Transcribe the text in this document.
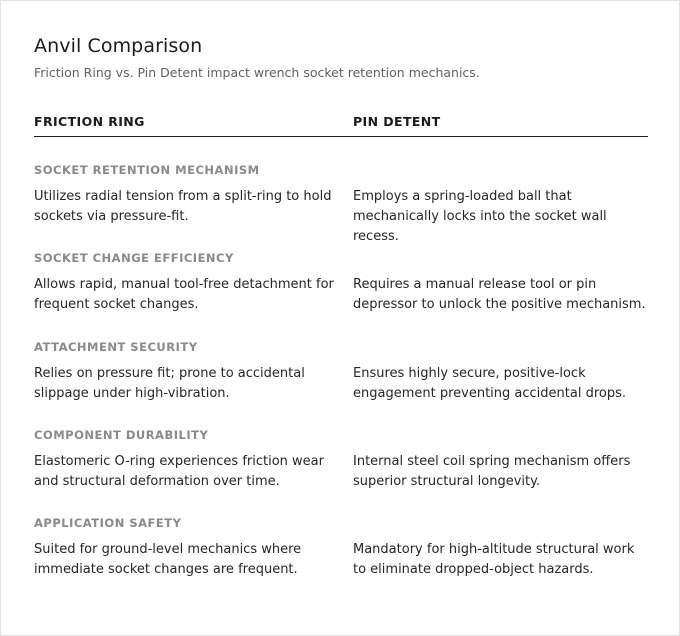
Anvil Comparison
Friction Ring vs. Pin Detent impact wrench socket retention mechanics.
FRICTION RING	PIN DETENT
SOCKET RETENTION MECHANISM
Utilizes radial tension from a split-ring to hold sockets via pressure-fit.
Employs a spring-loaded ball that mechanically locks into the socket wall recess.
SOCKET CHANGE EFFICIENCY
Allows rapid, manual tool-free detachment for frequent socket changes.
Requires a manual release tool or pin depressor to unlock the positive mechanism.
ATTACHMENT SECURITY
Relies on pressure fit; prone to accidental slippage under high-vibration.
Ensures highly secure, positive-lock engagement preventing accidental drops.
COMPONENT DURABILITY
Elastomeric O-ring experiences friction wear and structural deformation over time.
Internal steel coil spring mechanism offers superior structural longevity.
APPLICATION SAFETY
Suited for ground-level mechanics where immediate socket changes are frequent.
Mandatory for high-altitude structural work to eliminate dropped-object hazards.
